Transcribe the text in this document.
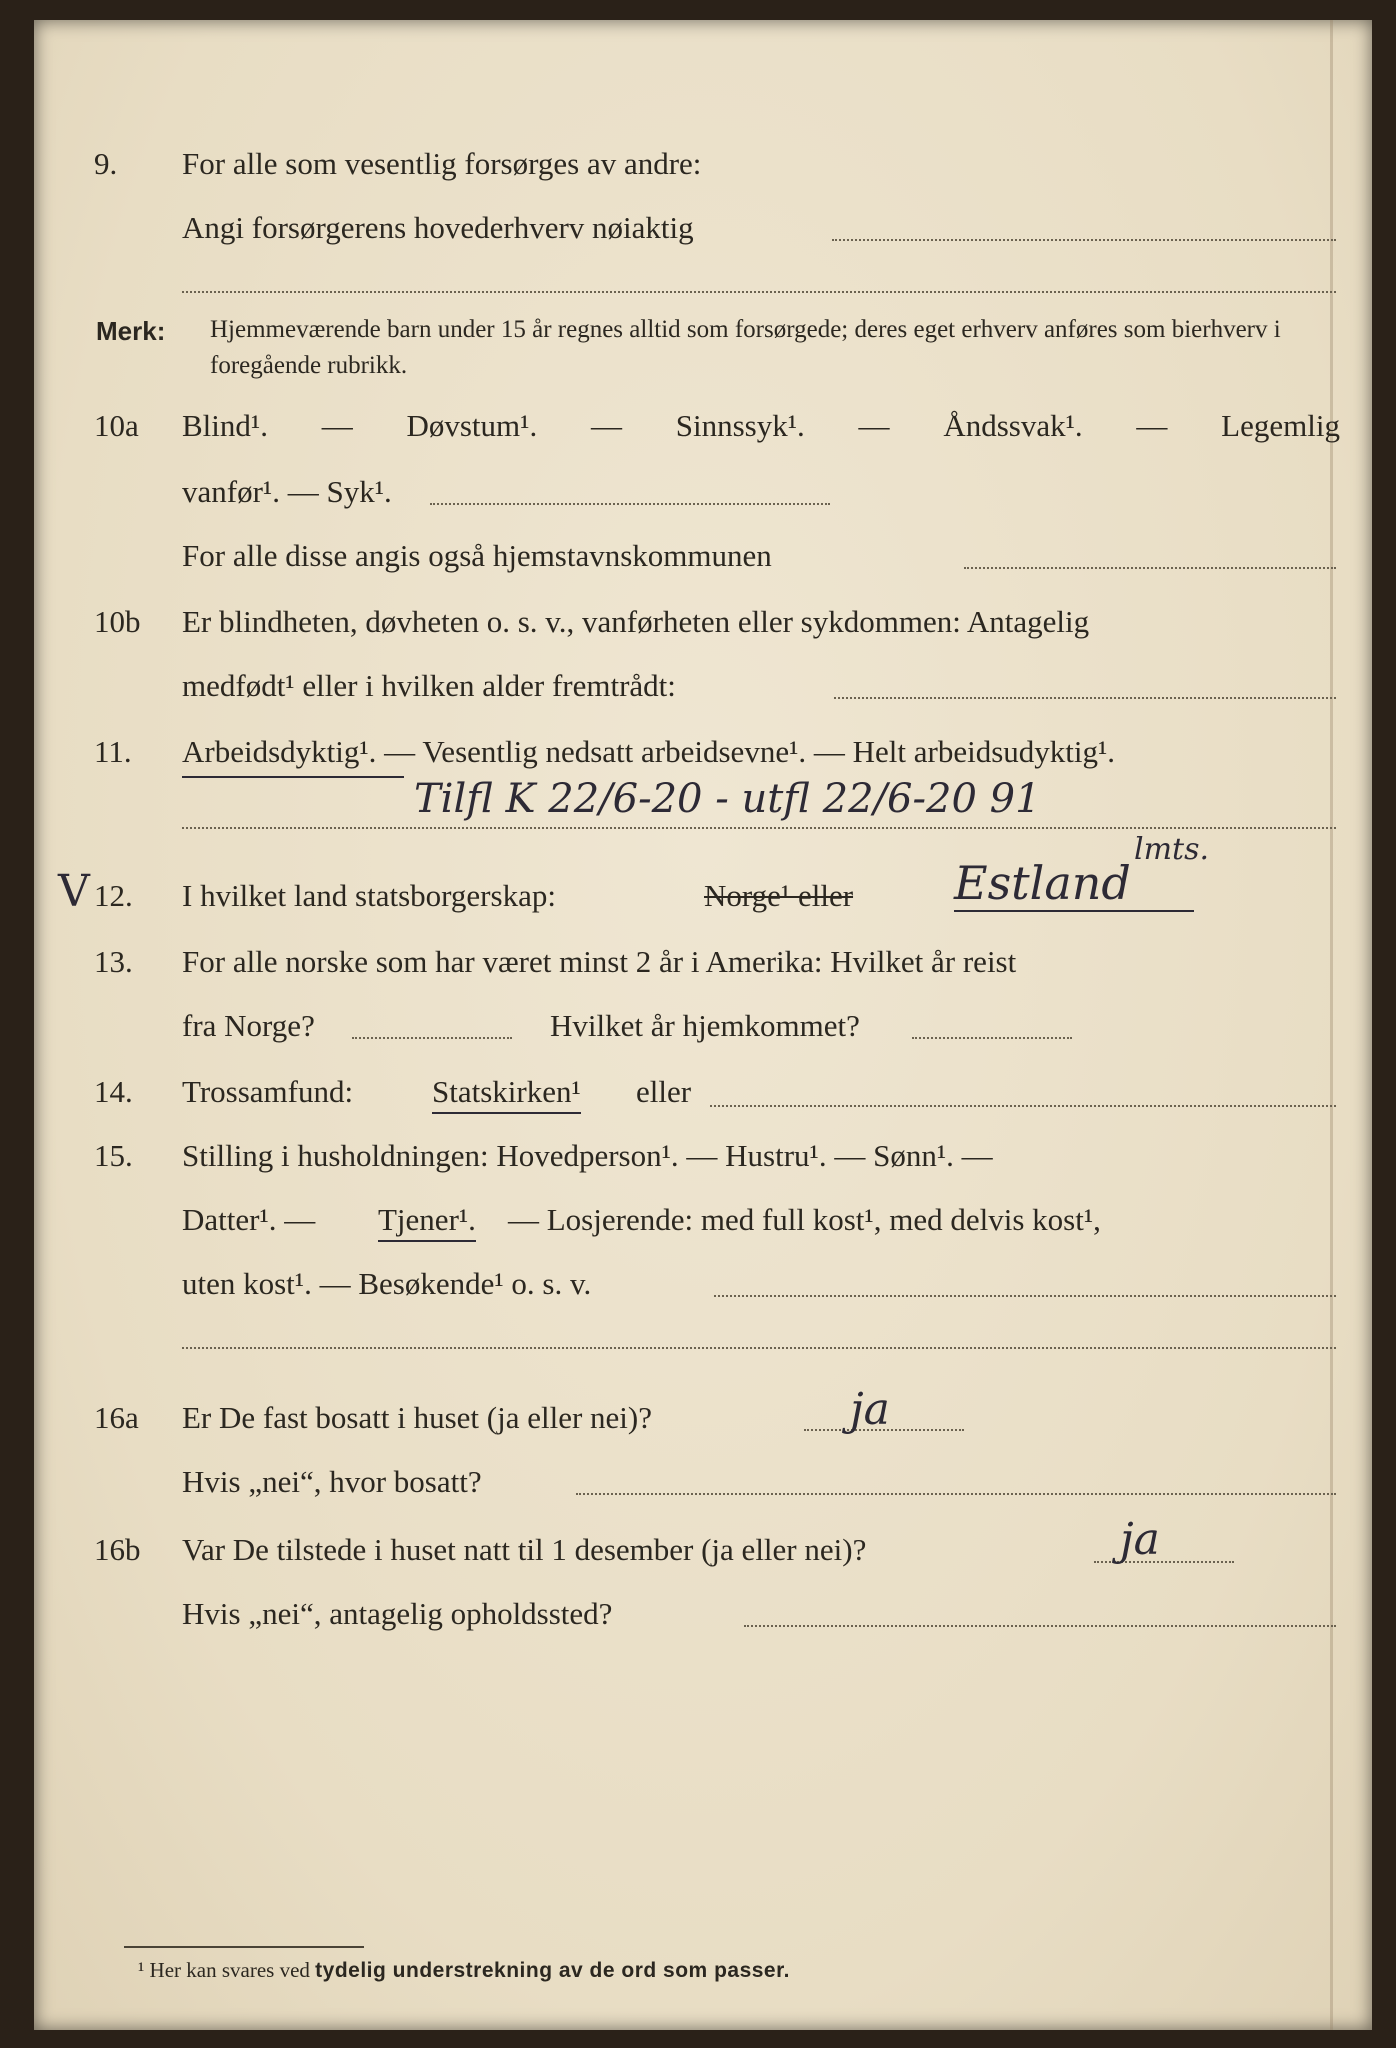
9.	For alle som vesentlig forsørges av andre:
Angi forsørgerens hovederhverv nøiaktig
Merk: Hjemmeværende barn under 15 år regnes alltid som forsørgede; deres eget erhverv anføres som bierhverv i foregående rubrikk.
10a	Blind¹. — Døvstum¹. — Sinnssyk¹. — Åndssvak¹. — Legemlig
vanfør¹. — Syk¹.
For alle disse angis også hjemstavnskommunen
10b	Er blindheten, døvheten o. s. v., vanførheten eller sykdommen: Antagelig
medfødt¹ eller i hvilken alder fremtrådt:
11.	Arbeidsdyktig¹. — Vesentlig nedsatt arbeidsevne¹. — Helt arbeidsudyktig¹.
Tilfl K 22/6-20 - utfl 22/6-20 91
V 12.	I hvilket land statsborgerskap:	Norge¹ eller Estland
lmts.
13.	For alle norske som har været minst 2 år i Amerika: Hvilket år reist
fra Norge?	Hvilket år hjemkommet?
14.	Trossamfund:	Statskirken¹ eller
15.	Stilling i husholdningen: Hovedperson¹. — Hustru¹. — Sønn¹. —
Datter¹. — Tjener¹. — Losjerende: med full kost¹, med delvis kost¹,
uten kost¹. — Besøkende¹ o. s. v.
16a	Er De fast bosatt i huset (ja eller nei)?	ja
Hvis „nei“, hvor bosatt?
16b	Var De tilstede i huset natt til 1 desember (ja eller nei)?	ja
Hvis „nei“, antagelig opholdssted?
¹ Her kan svares ved tydelig understrekning av de ord som passer.
